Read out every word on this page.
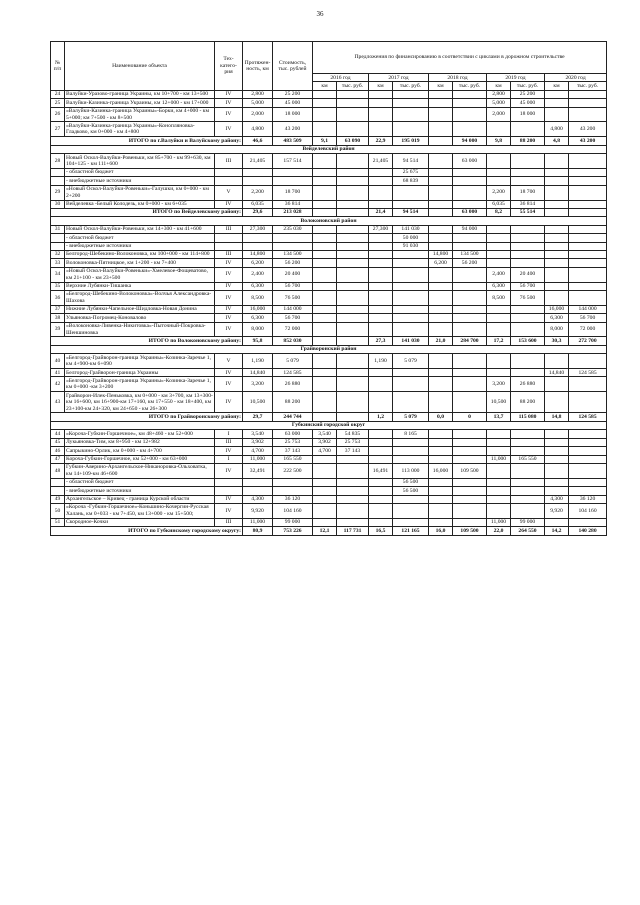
36
№ п/п	Наименование объекта	Тех-катего-рия	Протяжен-ность, км	Стоимость, тыс. рублей	Предложения по финансированию в соответствии с циклами в дорожном строительстве									
					2016 год		2017 год		2018 год		2019 год		2020 год	
					км	тыс. руб.	км	тыс. руб.	км	тыс. руб.	км	тыс. руб.	км	тыс. руб.
24	Валуйки-Уразово-граница Украины, км 10+700 - км 13+500	IV	2,800	25 200							2,800	25 200		
25	Валуйки-Казинка-граница Украины, км 12+000 - км 17+000	IV	5,000	45 000							5,000	45 000		
26	«Валуйки-Казинка-граница Украины»-Борки, км 4+000 - км 5+000; км 7+500 - км 8+500	IV	2,000	18 000							2,000	18 000		
27	«Валуйки-Казинка-граница Украины»-Конопляновка-Гладково, км 0+000 - км 4+800	IV	4,800	43 200									4,800	43 200
ИТОГО по г.Валуйки и Валуйскому району:			46,6	483 509	9,1	63 090	22,9	195 019		94 000	9,8	88 200	4,8	43 200
Вейделевский район														
28	Новый Оскол-Валуйки-Ровеньки, км 85+700 - км 99+630, км 104+125 - км 111+600	III	21,405	157 514			21,405	94 514		63 000				
	- областной бюджет							25 675						
	- внебюджетные источники							68 839						
29	«Новый Оскол-Валуйки-Ровеньки»-Галушки, км 0+000 - км 2+200	V	2,200	18 700							2,200	18 700		
30	Вейделевка -Белый Колодезь, км 0+000 - км 6+035	IV	6,035	36 814							6,035	36 814		
ИТОГО по Вейделевскому району:			29,6	213 028			21,4	94 514		63 000	8,2	55 514		
Волоконовский район														
31	Новый Оскол-Валуйки-Ровеньки, км 14+300 - км 41+600	III	27,300	235 030			27,300	141 030		94 000				
	- областной бюджет							50 000						
	- внебюджетные источники							91 030						
32	Белгород-Шебекино-Волоконовка, км 100+000 - км 114+800	III	14,800	134 500					14,800	134 500				
33	Волоконовка-Пятницкое, км 1+200 - км 7+400	IV	6,200	56 200					6,200	56 200				
34	«Новый Оскол-Валуйки-Ровеньки»-Хмелевое-Фощеватово, км 21+100 - км 23+500	IV	2,400	20 400							2,400	20 400		
35	Верхние Лубянки-Тишанка	IV	6,300	56 700							6,300	56 700		
36	«Белгород-Шебекино-Волоконовка»-Волчья Александровка-Шахова	IV	8,500	76 500							8,500	76 500		
37	Нижние Лубянки-Чапельное-Шидловка-Новая Донина	IV	16,000	144 000									16,000	144 000
38	Ульяновка-Погромец-Коновалово	IV	6,300	56 700									6,300	56 700
39	«Волоконовка-Ливенка-Никитовка»-Пыточный-Покровка-Шеншиновка	IV	8,000	72 000									8,000	72 000
ИТОГО по Волоконовскому району:			95,8	852 030			27,3	141 030	21,0	284 700	17,2	153 600	30,3	272 700
Грайворонский район														
40	«Белгород-Грайворон-граница Украины»-Козинка-Заречье 1, км 4+900-км 6+090	V	1,190	5 079			1,190	5 079						
41	Белгород-Грайворон-граница Украины	IV	14,840	124 585									14,840	124 585
42	«Белгород-Грайворон-граница Украины»-Козинка-Заречье 1, км 0+000 -км 3+200	IV	3,200	26 880							3,200	26 880		
43	Грайворон-Илек-Пеньковка, км 0+000 - км 3+700, км 13+300-км 16+600, км 16+900-км 17+160, км 17+550 - км 18+400, км 23+100-км 24+320, км 24+650 - км 26+300	IV	10,500	88 200							10,500	88 200		
ИТОГО по Грайворонскому району:			29,7	244 744			1,2	5 079	0,0	0	13,7	115 080	14,8	124 585
Губкинский городской округ														
44	«Короча-Губкин-Горшечное», км 48+460 - км 52+000	I	3,540	63 000	3,540	54 835		8 165						
45	Лукьяновка-Тим, км 8+950 - км 12+982	III	3,902	25 753	3,902	25 753								
46	Сапрыкино-Орлик, км 0+000 - км 4+700	IV	4,700	37 143	4,700	37 143								
47	Короча-Губкин-Горшечное, км 52+000 - км 63+000	I	11,000	165 550							11,000	165 550		
48	Губкин-Аверино-Архангельское-Никаноровка-Ольховатка, км 14+109-км 46+600	IV	32,491	222 500			16,491	113 000	16,000	109 500				
	- областной бюджет							56 500						
	- внебюджетные источники							56 500						
49	Архангельское – Кривец - граница Курской области	IV	4,300	36 120									4,300	36 120
50	«Короча -Губкин-Горшечное»-Коньшино-Кочергин-Русская Халань, км 0+033 - км 7+450, км 13+000 - км 15+500;	IV	9,920	104 160									9,920	104 160
51	Скородное-Кочки	III	11,000	99 000							11,000	99 000		
ИТОГО по Губкинскому городскому округу:			80,9	753 226	12,1	117 731	16,5	121 165	16,0	109 500	22,0	264 550	14,2	140 280
